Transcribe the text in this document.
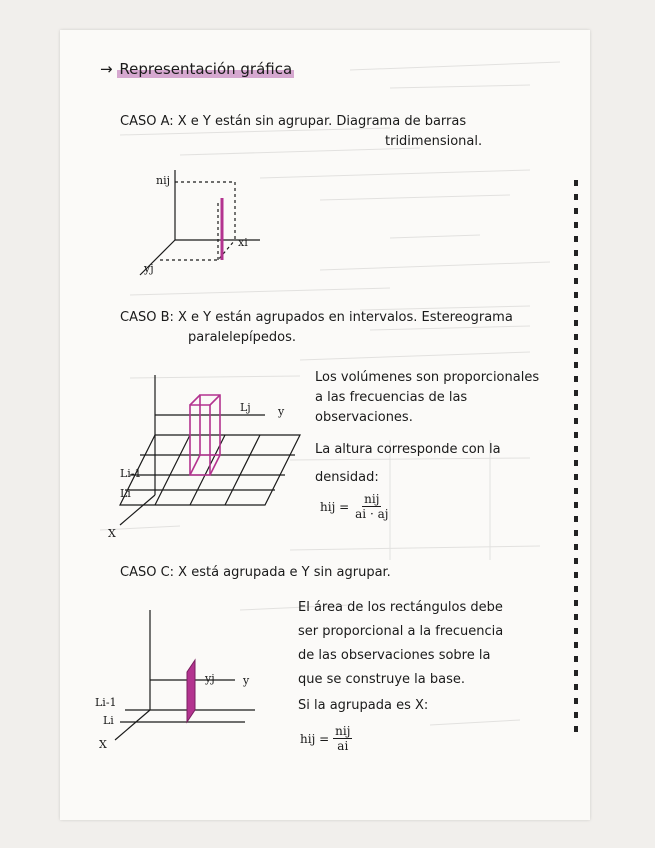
→ Representación gráfica
CASO A: X e Y están sin agrupar. Diagrama de barras
tridimensional.
nij
xi
yj
CASO B: X e Y están agrupados en intervalos. Estereograma
paralelepípedos.
Lj y
Li-1
Li
X
Los volúmenes son proporcionales
a las frecuencias de las
observaciones.
La altura corresponde con la
densidad:
hij = $\frac{\text{nij}}{ai \cdot aj}$
CASO C: X está agrupada e Y sin agrupar.
yj	y
Li-1
Li
X
El área de los rectángulos debe
ser proporcional a la frecuencia
de las observaciones sobre la
que se construye la base.
Si la agrupada es X:
hij = $\frac{\text{nij}}{ai}$
